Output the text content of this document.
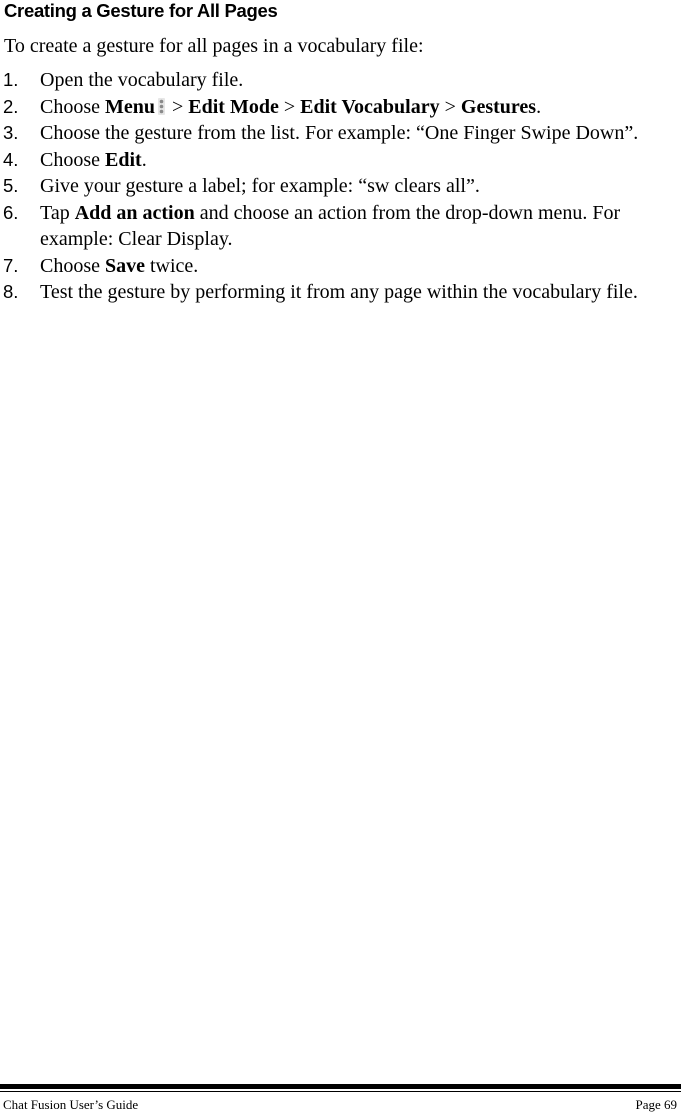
Creating a Gesture for All Pages

To create a gesture for all pages in a vocabulary file:

1. Open the vocabulary file.
2. Choose Menu > Edit Mode > Edit Vocabulary > Gestures.
3. Choose the gesture from the list. For example: “One Finger Swipe Down”.
4. Choose Edit.
5. Give your gesture a label; for example: “sw clears all”.
6. Tap Add an action and choose an action from the drop-down menu. For example: Clear Display.
7. Choose Save twice.
8. Test the gesture by performing it from any page within the vocabulary file.
Chat Fusion User’s Guide	Page 69
